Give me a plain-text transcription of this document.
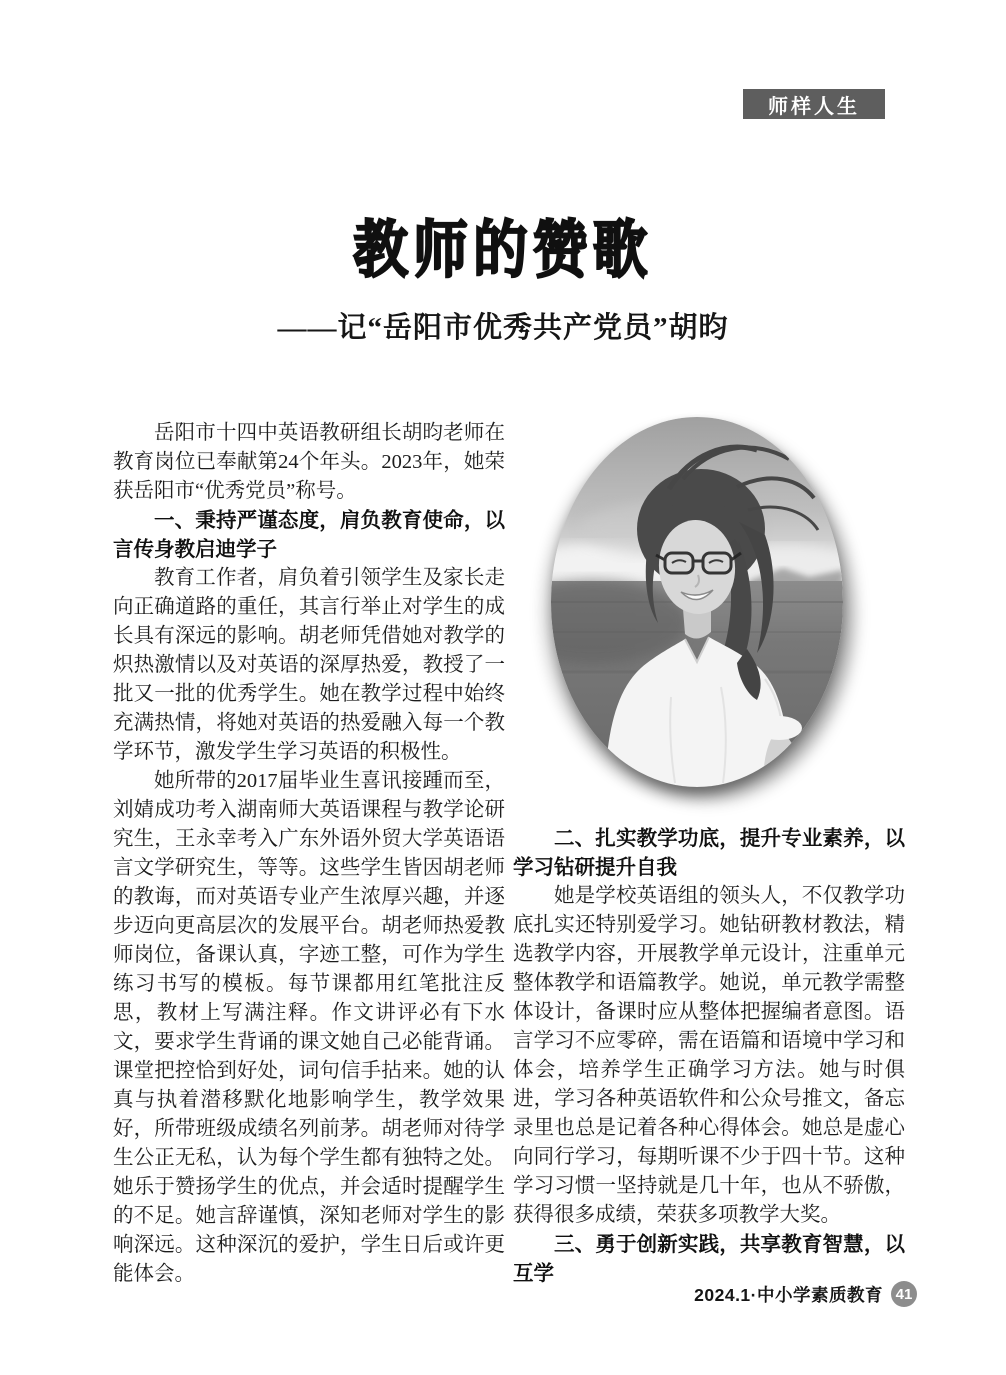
师样人生
教师的赞歌
——记“岳阳市优秀共产党员”胡昀

岳阳市十四中英语教研组长胡昀老师在教育岗位已奉献第24个年头。2023年，她荣获岳阳市“优秀党员”称号。

一、秉持严谨态度，肩负教育使命，以言传身教启迪学子

教育工作者，肩负着引领学生及家长走向正确道路的重任，其言行举止对学生的成长具有深远的影响。胡老师凭借她对教学的炽热激情以及对英语的深厚热爱，教授了一批又一批的优秀学生。她在教学过程中始终充满热情，将她对英语的热爱融入每一个教学环节，激发学生学习英语的积极性。

她所带的2017届毕业生喜讯接踵而至，刘婧成功考入湖南师大英语课程与教学论研究生，王永幸考入广东外语外贸大学英语语言文学研究生，等等。这些学生皆因胡老师的教诲，而对英语专业产生浓厚兴趣，并逐步迈向更高层次的发展平台。胡老师热爱教师岗位，备课认真，字迹工整，可作为学生练习书写的模板。每节课都用红笔批注反思，教材上写满注释。作文讲评必有下水文，要求学生背诵的课文她自己必能背诵。课堂把控恰到好处，词句信手拈来。她的认真与执着潜移默化地影响学生，教学效果好，所带班级成绩名列前茅。胡老师对待学生公正无私，认为每个学生都有独特之处。她乐于赞扬学生的优点，并会适时提醒学生的不足。她言辞谨慎，深知老师对学生的影响深远。这种深沉的爱护，学生日后或许更能体会。

二、扎实教学功底，提升专业素养，以学习钻研提升自我

她是学校英语组的领头人，不仅教学功底扎实还特别爱学习。她钻研教材教法，精选教学内容，开展教学单元设计，注重单元整体教学和语篇教学。她说，单元教学需整体设计，备课时应从整体把握编者意图。语言学习不应零碎，需在语篇和语境中学习和体会，培养学生正确学习方法。她与时俱进，学习各种英语软件和公众号推文，备忘录里也总是记着各种心得体会。她总是虚心向同行学习，每期听课不少于四十节。这种学习习惯一坚持就是几十年，也从不骄傲，获得很多成绩，荣获多项教学大奖。

三、勇于创新实践，共享教育智慧，以互学

2024.1·中小学素质教育 41
